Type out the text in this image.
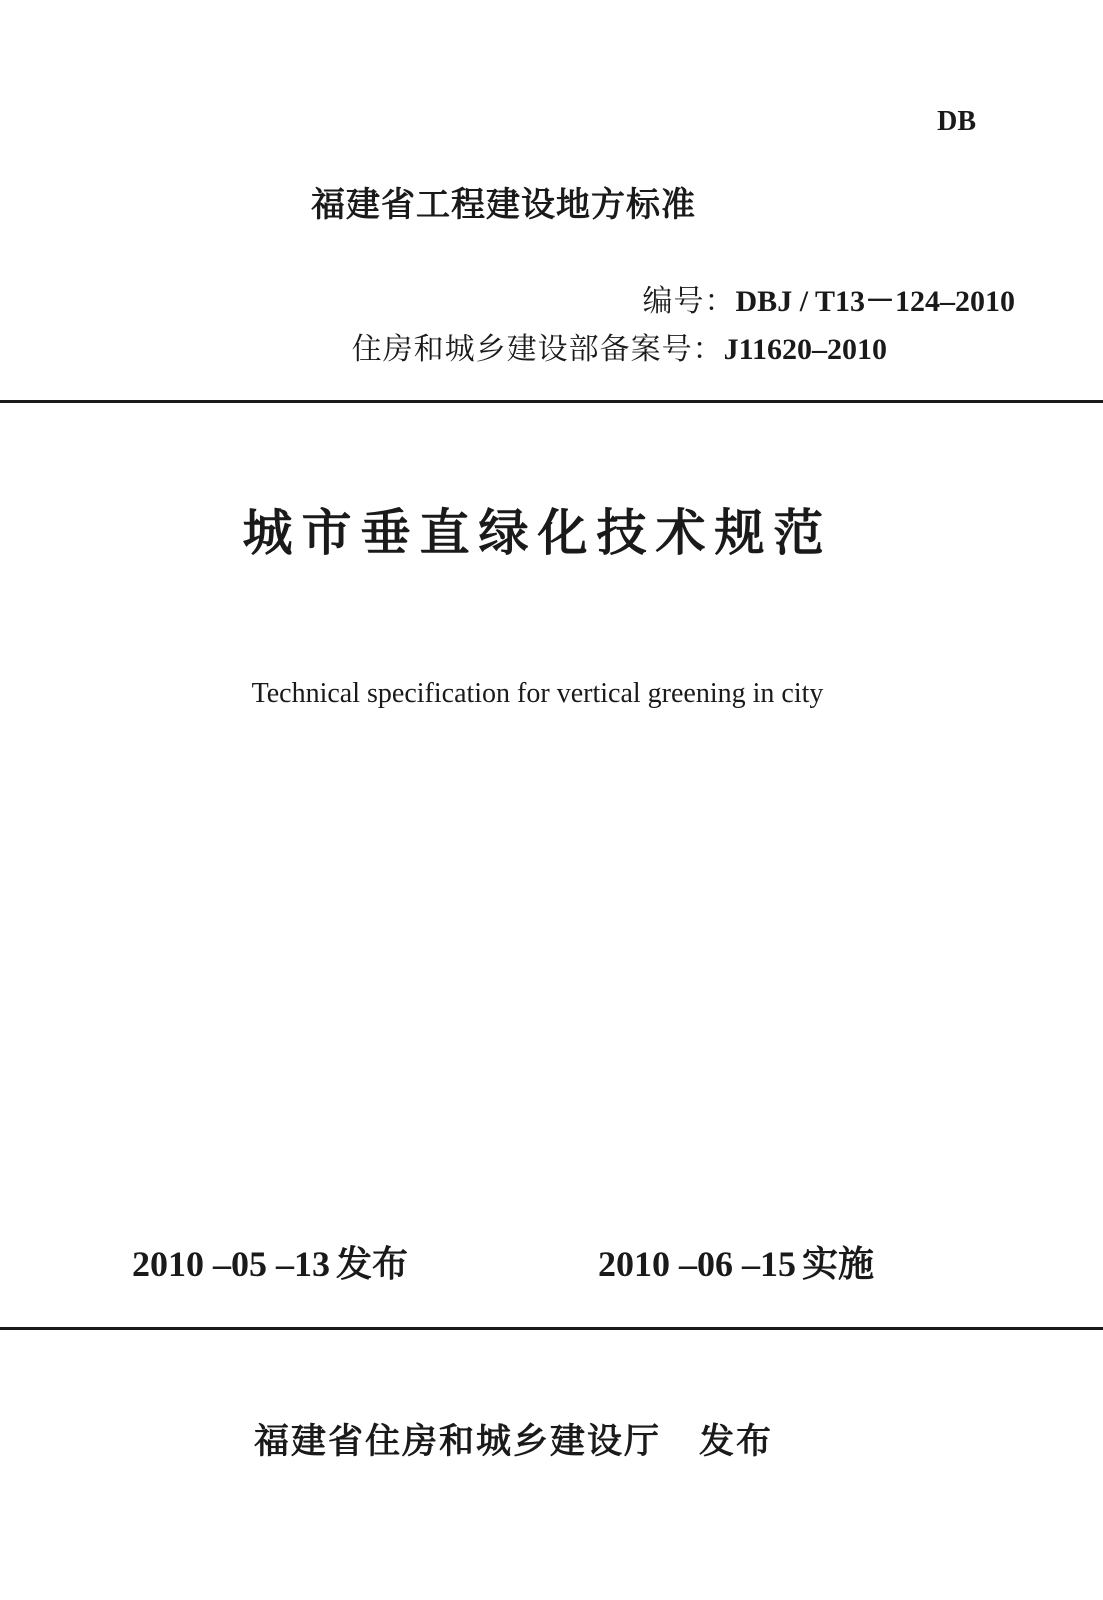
DB
福建省工程建设地方标准
编号：DBJ / T13－124–2010
住房和城乡建设部备案号：J11620–2010
城市垂直绿化技术规范
Technical specification for vertical greening in city
2010 –05 –13 发布	2010 –06 –15 实施
福建省住房和城乡建设厅 发布
